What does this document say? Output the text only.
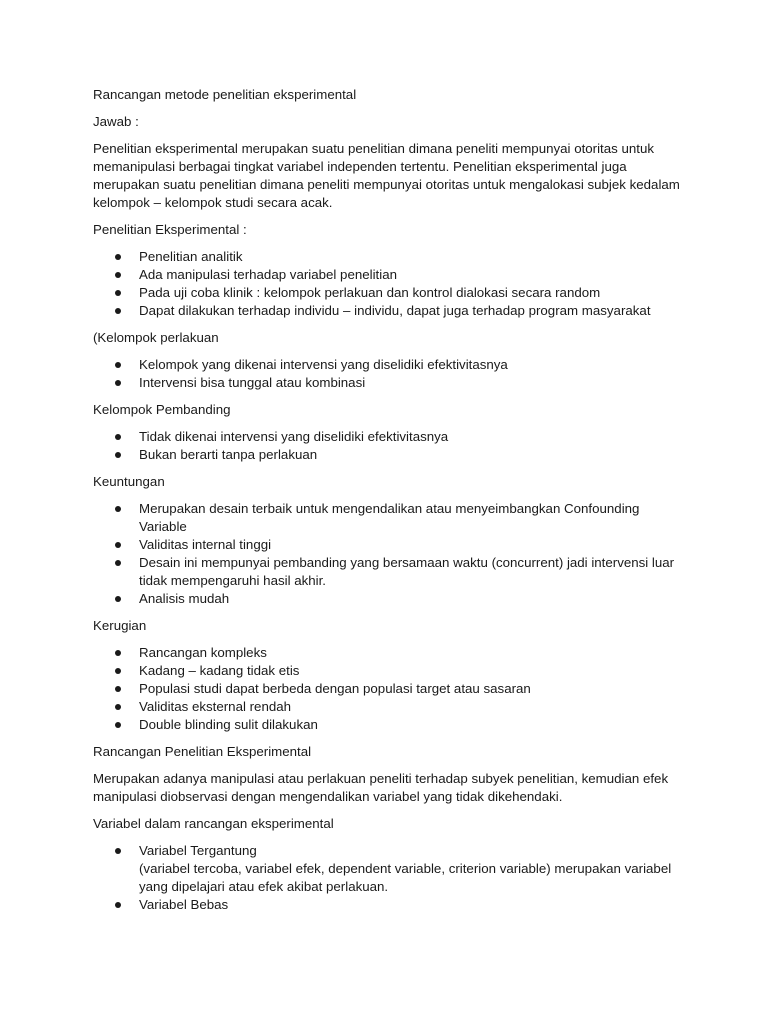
Rancangan metode penelitian eksperimental

Jawab :

Penelitian eksperimental merupakan suatu penelitian dimana peneliti mempunyai otoritas untuk
memanipulasi berbagai tingkat variabel independen tertentu. Penelitian eksperimental juga
merupakan suatu penelitian dimana peneliti mempunyai otoritas untuk mengalokasi subjek kedalam
kelompok – kelompok studi secara acak.

Penelitian Eksperimental :

Penelitian analitik
Ada manipulasi terhadap variabel penelitian
Pada uji coba klinik : kelompok perlakuan dan kontrol dialokasi secara random
Dapat dilakukan terhadap individu – individu, dapat juga terhadap program masyarakat

(Kelompok perlakuan

Kelompok yang dikenai intervensi yang diselidiki efektivitasnya
Intervensi bisa tunggal atau kombinasi

Kelompok Pembanding

Tidak dikenai intervensi yang diselidiki efektivitasnya
Bukan berarti tanpa perlakuan

Keuntungan

Merupakan desain terbaik untuk mengendalikan atau menyeimbangkan Confounding
Variable
Validitas internal tinggi
Desain ini mempunyai pembanding yang bersamaan waktu (concurrent) jadi intervensi luar
tidak mempengaruhi hasil akhir.
Analisis mudah

Kerugian

Rancangan kompleks
Kadang – kadang tidak etis
Populasi studi dapat berbeda dengan populasi target atau sasaran
Validitas eksternal rendah
Double blinding sulit dilakukan

Rancangan Penelitian Eksperimental

Merupakan adanya manipulasi atau perlakuan peneliti terhadap subyek penelitian, kemudian efek
manipulasi diobservasi dengan mengendalikan variabel yang tidak dikehendaki.

Variabel dalam rancangan eksperimental

Variabel Tergantung
(variabel tercoba, variabel efek, dependent variable, criterion variable) merupakan variabel
yang dipelajari atau efek akibat perlakuan.
Variabel Bebas
